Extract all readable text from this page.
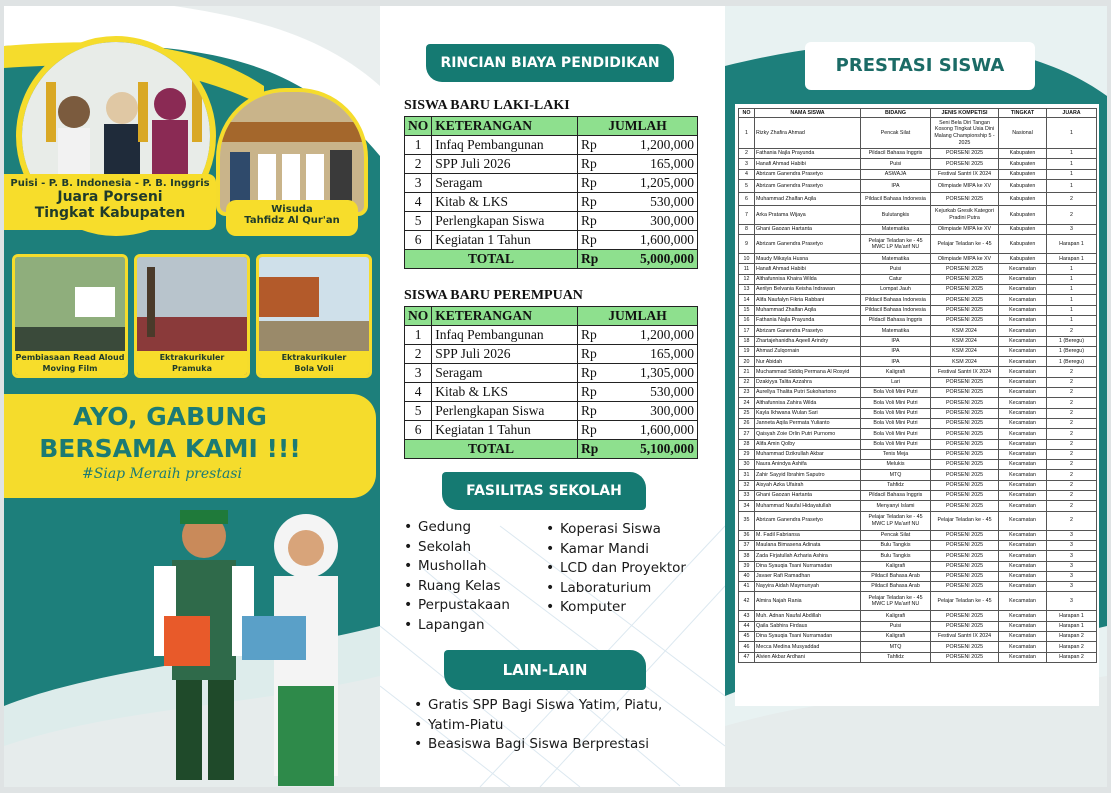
Puisi - P. B. Indonesia - P. B. Inggris
Juara Porseni
Tingkat Kabupaten	Wisuda
Tahfidz Al Qur'an
Pembiasaan Read Aloud
Moving Film
Ektrakurikuler
Pramuka
Ektrakurikuler
Bola Voli
AYO, GABUNG
BERSAMA KAMI !!!
#Siap Meraih prestasi
RINCIAN BIAYA PENDIDIKAN
SISWA BARU LAKI-LAKI
NO	KETERANGAN	JUMLAH	
1	Infaq Pembangunan	Rp	1,200,000
2	SPP Juli 2026	Rp	165,000
3	Seragam	Rp	1,205,000
4	Kitab & LKS	Rp	530,000
5	Perlengkapan Siswa	Rp	300,000
6	Kegiatan 1 Tahun	Rp	1,600,000
TOTAL		Rp	5,000,000
SISWA BARU PEREMPUAN
NO	KETERANGAN	JUMLAH	
1	Infaq Pembangunan	Rp	1,200,000
2	SPP Juli 2026	Rp	165,000
3	Seragam	Rp	1,305,000
4	Kitab & LKS	Rp	530,000
5	Perlengkapan Siswa	Rp	300,000
6	Kegiatan 1 Tahun	Rp	1,600,000
TOTAL		Rp	5,100,000
FASILITAS SEKOLAH
• Gedung
• Sekolah
• Mushollah
• Ruang Kelas
• Perpustakaan
• Lapangan
• Koperasi Siswa
• Kamar Mandi
• LCD dan Proyektor
• Laboraturium
• Komputer
LAIN-LAIN
• Gratis SPP Bagi Siswa Yatim, Piatu,
• Yatim-Piatu
• Beasiswa Bagi Siswa Berprestasi
PRESTASI SISWA
NO	NAMA SISWA	BIDANG	JENIS KOMPETISI	TINGKAT	JUARA
1	Rizky Zhafira Ahmad	Pencak Silat	Seni Bela Diri Tangan Kosong Tingkat Usia Dini Malang Championship 5 - 2025	Nasional	1
2	Fathania Najla Prayunda	Pildacil Bahasa Inggris	PORSENI 2025	Kabupaten	1
3	Hanafi Ahmad Habibi	Puisi	PORSENI 2025	Kabupaten	1
4	Abrizam Ganendra Prasetyo	ASWAJA	Festival Santri IX 2024	Kabupaten	1
5	Abrizam Ganendra Prasetyo	IPA	Olimpiade MIPA ke XV	Kabupaten	1
6	Muhammad Zhalfan Aqila	Pildacil Bahasa Indonesia	PORSENI 2025	Kabupaten	2
7	Arka Pratama Wijaya	Bulutangkis	Kejurkab Gresik Kategori Pradini Putra	Kabupaten	2
8	Ghani Gaozan Hartanta	Matematika	Olimpiade MIPA ke XV	Kabupaten	3
9	Abrizam Ganendra Prasetyo	Pelajar Teladan ke - 45 MWC LP Ma'arif NU	Pelajar Teladan ke - 45	Kabupaten	Harapan 1
10	Maudy Mikayla Husna	Matematika	Olimpiade MIPA ke XV	Kabupaten	Harapan 1
11	Hanafi Ahmad Habibi	Puisi	PORSENI 2025	Kecamatan	1
12	Althafunnisa Khaira Wilda	Catur	PORSENI 2025	Kecamatan	1
13	Aerilyn Belvania Keisha Indrawan	Lompat Jauh	PORSENI 2025	Kecamatan	1
14	Alifa Naufalyn Fikria Rabbani	Pildacil Bahasa Indonesia	PORSENI 2025	Kecamatan	1
15	Muhammad Zhalfan Aqila	Pildacil Bahasa Indonesia	PORSENI 2025	Kecamatan	1
16	Fathania Najla Prayunda	Pildacil Bahasa Inggris	PORSENI 2025	Kecamatan	1
17	Abrizam Ganendra Prasetyo	Matematika	KSM 2024	Kecamatan	2
18	Zhartajehanidha Aqeell Arindry	IPA	KSM 2024	Kecamatan	1 (Beregu)
19	Ahmad Zulqornain	IPA	KSM 2024	Kecamatan	1 (Beregu)
20	Nur Abidah	IPA	KSM 2024	Kecamatan	1 (Beregu)
21	Muchammad Siddiq Permana Al Rosyid	Kaligrafi	Festival Santri IX 2024	Kecamatan	2
22	Dzakiyya Talita Azzahra	Lari	PORSENI 2025	Kecamatan	2
23	Aurellya Thalita Putri Sukohartono	Bola Voli Mini Putri	PORSENI 2025	Kecamatan	2
24	Althafunnisa Zahira Wilda	Bola Voli Mini Putri	PORSENI 2025	Kecamatan	2
25	Kayla Ikhwana Wulan Sari	Bola Voli Mini Putri	PORSENI 2025	Kecamatan	2
26	Janneta Aqila Permata Yulianto	Bola Voli Mini Putri	PORSENI 2025	Kecamatan	2
27	Qaisyah Zoie Orlin Putri Purnomo	Bola Voli Mini Putri	PORSENI 2025	Kecamatan	2
28	Alifa Amin Qolby	Bola Voli Mini Putri	PORSENI 2025	Kecamatan	2
29	Muhammad Dzikrullah Akbar	Tenis Meja	PORSENI 2025	Kecamatan	2
30	Naura Anindya Ashifa	Melukis	PORSENI 2025	Kecamatan	2
31	Zahir Sayyid Ibrahim Saputro	MTQ	PORSENI 2025	Kecamatan	2
32	Aisyah Azka Ufairah	Tahfidz	PORSENI 2025	Kecamatan	2
33	Ghani Gaozan Hartanta	Pildacil Bahasa Inggris	PORSENI 2025	Kecamatan	2
34	Muhammad Naufal Hidayatullah	Menyanyi Islami	PORSENI 2025	Kecamatan	2
35	Abrizam Ganendra Prasetyo	Pelajar Teladan ke - 45 MWC LP Ma'arif NU	Pelajar Teladan ke - 45	Kecamatan	2
36	M. Fadil Fabriansa	Pencak Silat	PORSENI 2025	Kecamatan	3
37	Maulana Bimasena Adinata	Bulu Tangkis	PORSENI 2025	Kecamatan	3
38	Zada Firjatullah Azharia Ashira	Bulu Tangkis	PORSENI 2025	Kecamatan	3
39	Dina Syauqia Tsani Nurramadan	Kaligrafi	PORSENI 2025	Kecamatan	3
40	Javaer Rafi Ramadhan	Pildacil Bahasa Arab	PORSENI 2025	Kecamatan	3
41	Nayyira Aidah Maymunyah	Pildacil Bahasa Arab	PORSENI 2025	Kecamatan	3
42	Almira Najah Rania	Pelajar Teladan ke - 45 MWC LP Ma'arif NU	Pelajar Teladan ke - 45	Kecamatan	3
43	Muh. Adnan Naufal Abdillah	Kaligrafi	PORSENI 2025	Kecamatan	Harapan 1
44	Qaila Sabhira Firdaus	Puisi	PORSENI 2025	Kecamatan	Harapan 1
45	Dina Syauqia Tsani Nurramadan	Kaligrafi	Festival Santri IX 2024	Kecamatan	Harapan 2
46	Mecca Medina Musyaddad	MTQ	PORSENI 2025	Kecamatan	Harapan 2
47	Alvien Akbar Ardhani	Tahfidz	PORSENI 2025	Kecamatan	Harapan 2
